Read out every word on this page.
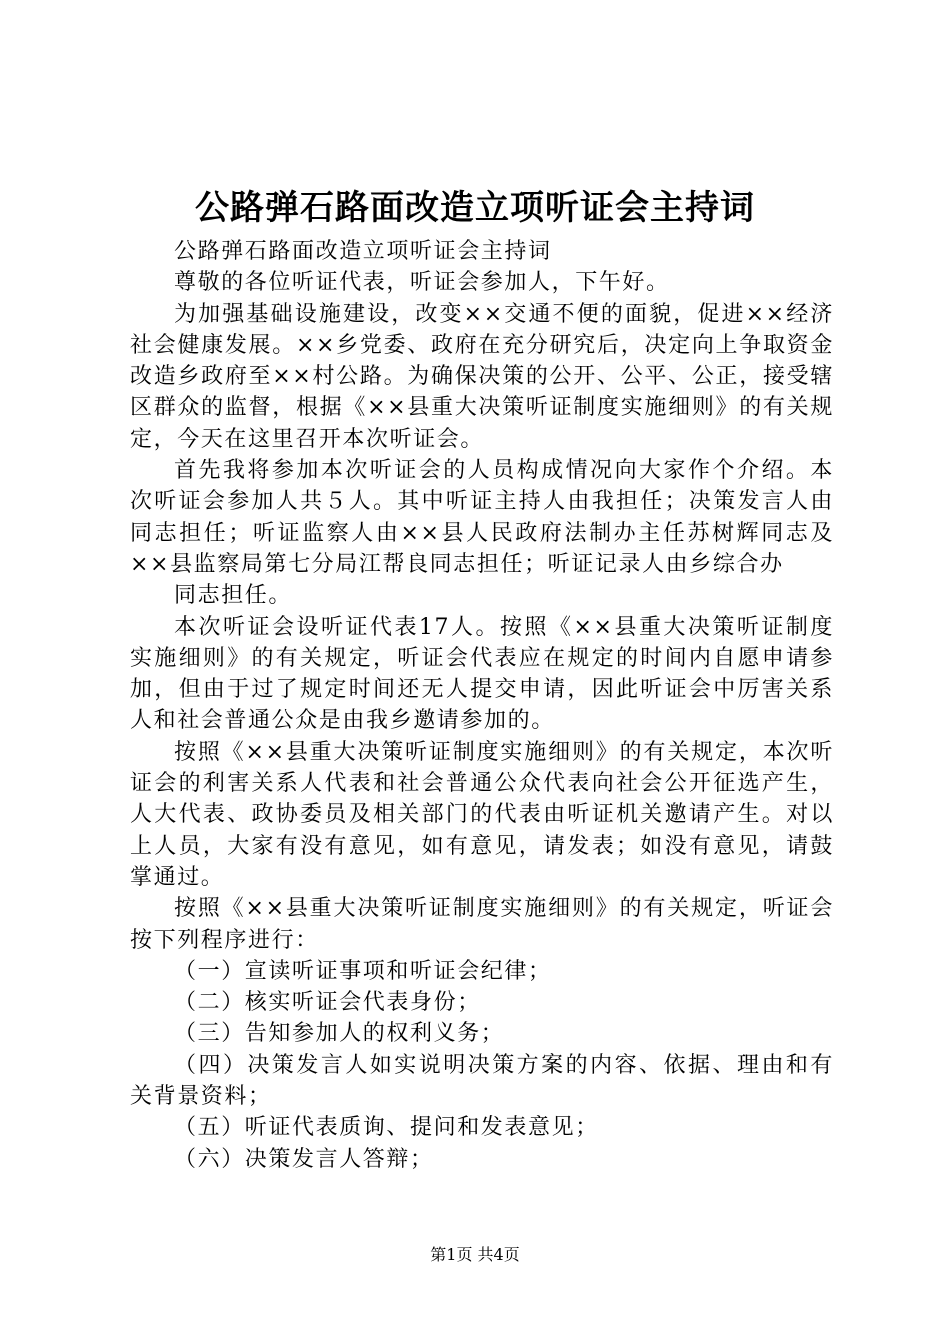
公路弹石路面改造立项听证会主持词

公路弹石路面改造立项听证会主持词

尊敬的各位听证代表，听证会参加人，下午好。

为加强基础设施建设，改变××交通不便的面貌，促进××经济社会健康发展。××乡党委、政府在充分研究后，决定向上争取资金改造乡政府至××村公路。为确保决策的公开、公平、公正，接受辖区群众的监督，根据《××县重大决策听证制度实施细则》的有关规定，今天在这里召开本次听证会。

首先我将参加本次听证会的人员构成情况向大家作个介绍。本次听证会参加人共５人。其中听证主持人由我担任；决策发言人由同志担任；听证监察人由××县人民政府法制办主任苏树辉同志及××县监察局第七分局江帮良同志担任；听证记录人由乡综合办

同志担任。

本次听证会设听证代表17人。按照《××县重大决策听证制度实施细则》的有关规定，听证会代表应在规定的时间内自愿申请参加，但由于过了规定时间还无人提交申请，因此听证会中厉害关系人和社会普通公众是由我乡邀请参加的。

按照《××县重大决策听证制度实施细则》的有关规定，本次听证会的利害关系人代表和社会普通公众代表向社会公开征选产生，人大代表、政协委员及相关部门的代表由听证机关邀请产生。对以上人员，大家有没有意见，如有意见，请发表；如没有意见，请鼓掌通过。

按照《××县重大决策听证制度实施细则》的有关规定，听证会按下列程序进行：

（一）宣读听证事项和听证会纪律；

（二）核实听证会代表身份；

（三）告知参加人的权利义务；

（四）决策发言人如实说明决策方案的内容、依据、理由和有关背景资料；

（五）听证代表质询、提问和发表意见；

（六）决策发言人答辩；

第1页 共4页
